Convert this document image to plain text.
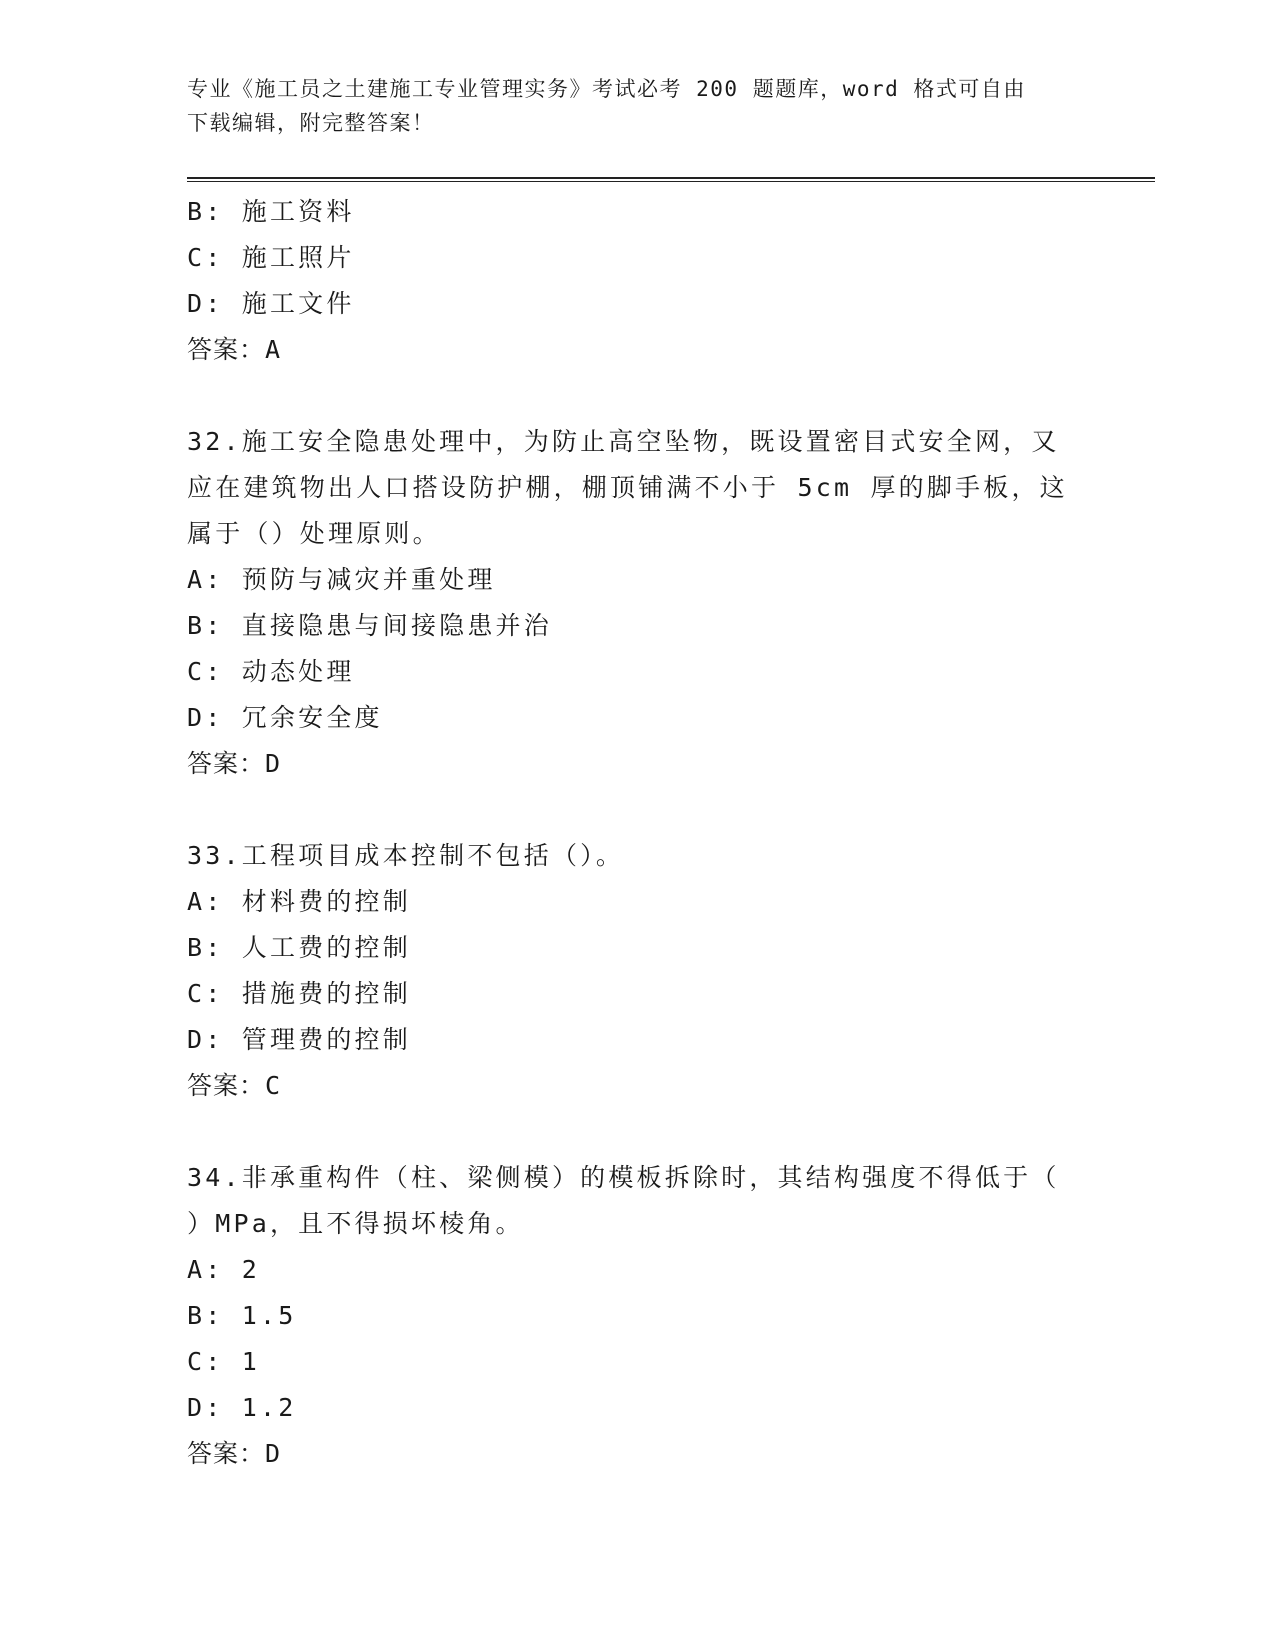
专业《施工员之土建施工专业管理实务》考试必考 200 题题库，word 格式可自由
下载编辑，附完整答案！
B: 施工资料
C: 施工照片
D: 施工文件
答案：A
32.施工安全隐患处理中，为防止高空坠物，既设置密目式安全网，又
应在建筑物出人口搭设防护棚，棚顶铺满不小于 5cm 厚的脚手板，这
属于（）处理原则。
A: 预防与减灾并重处理
B: 直接隐患与间接隐患并治
C: 动态处理
D: 冗余安全度
答案：D
33.工程项目成本控制不包括（）。
A: 材料费的控制
B: 人工费的控制
C: 措施费的控制
D: 管理费的控制
答案：C
34.非承重构件（柱、梁侧模）的模板拆除时，其结构强度不得低于（
）MPa，且不得损坏棱角。
A: 2
B: 1.5
C: 1
D: 1.2
答案：D
